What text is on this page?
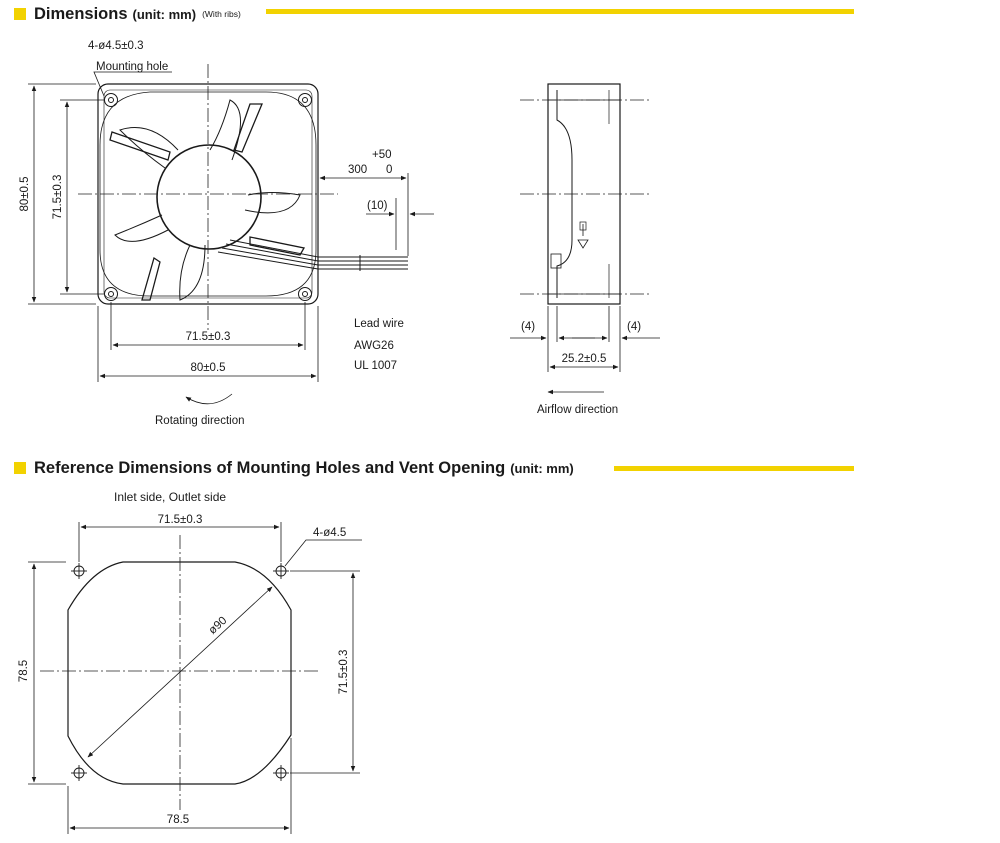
Dimensions (unit: mm) (With ribs)
Reference Dimensions of Mounting Holes and Vent Opening (unit: mm)
4-ø4.5±0.3
Mounting hole
80±0.5 71.5±0.3
71.5±0.3
80±0.5
+50
300 0
(10)
Lead wire
AWG26
UL 1007
Rotating direction
(4)	(4)
25.2±0.5
Airflow direction
Inlet side, Outlet side
71.5±0.3
4-ø4.5
ø90
78.5	71.5±0.3
78.5
